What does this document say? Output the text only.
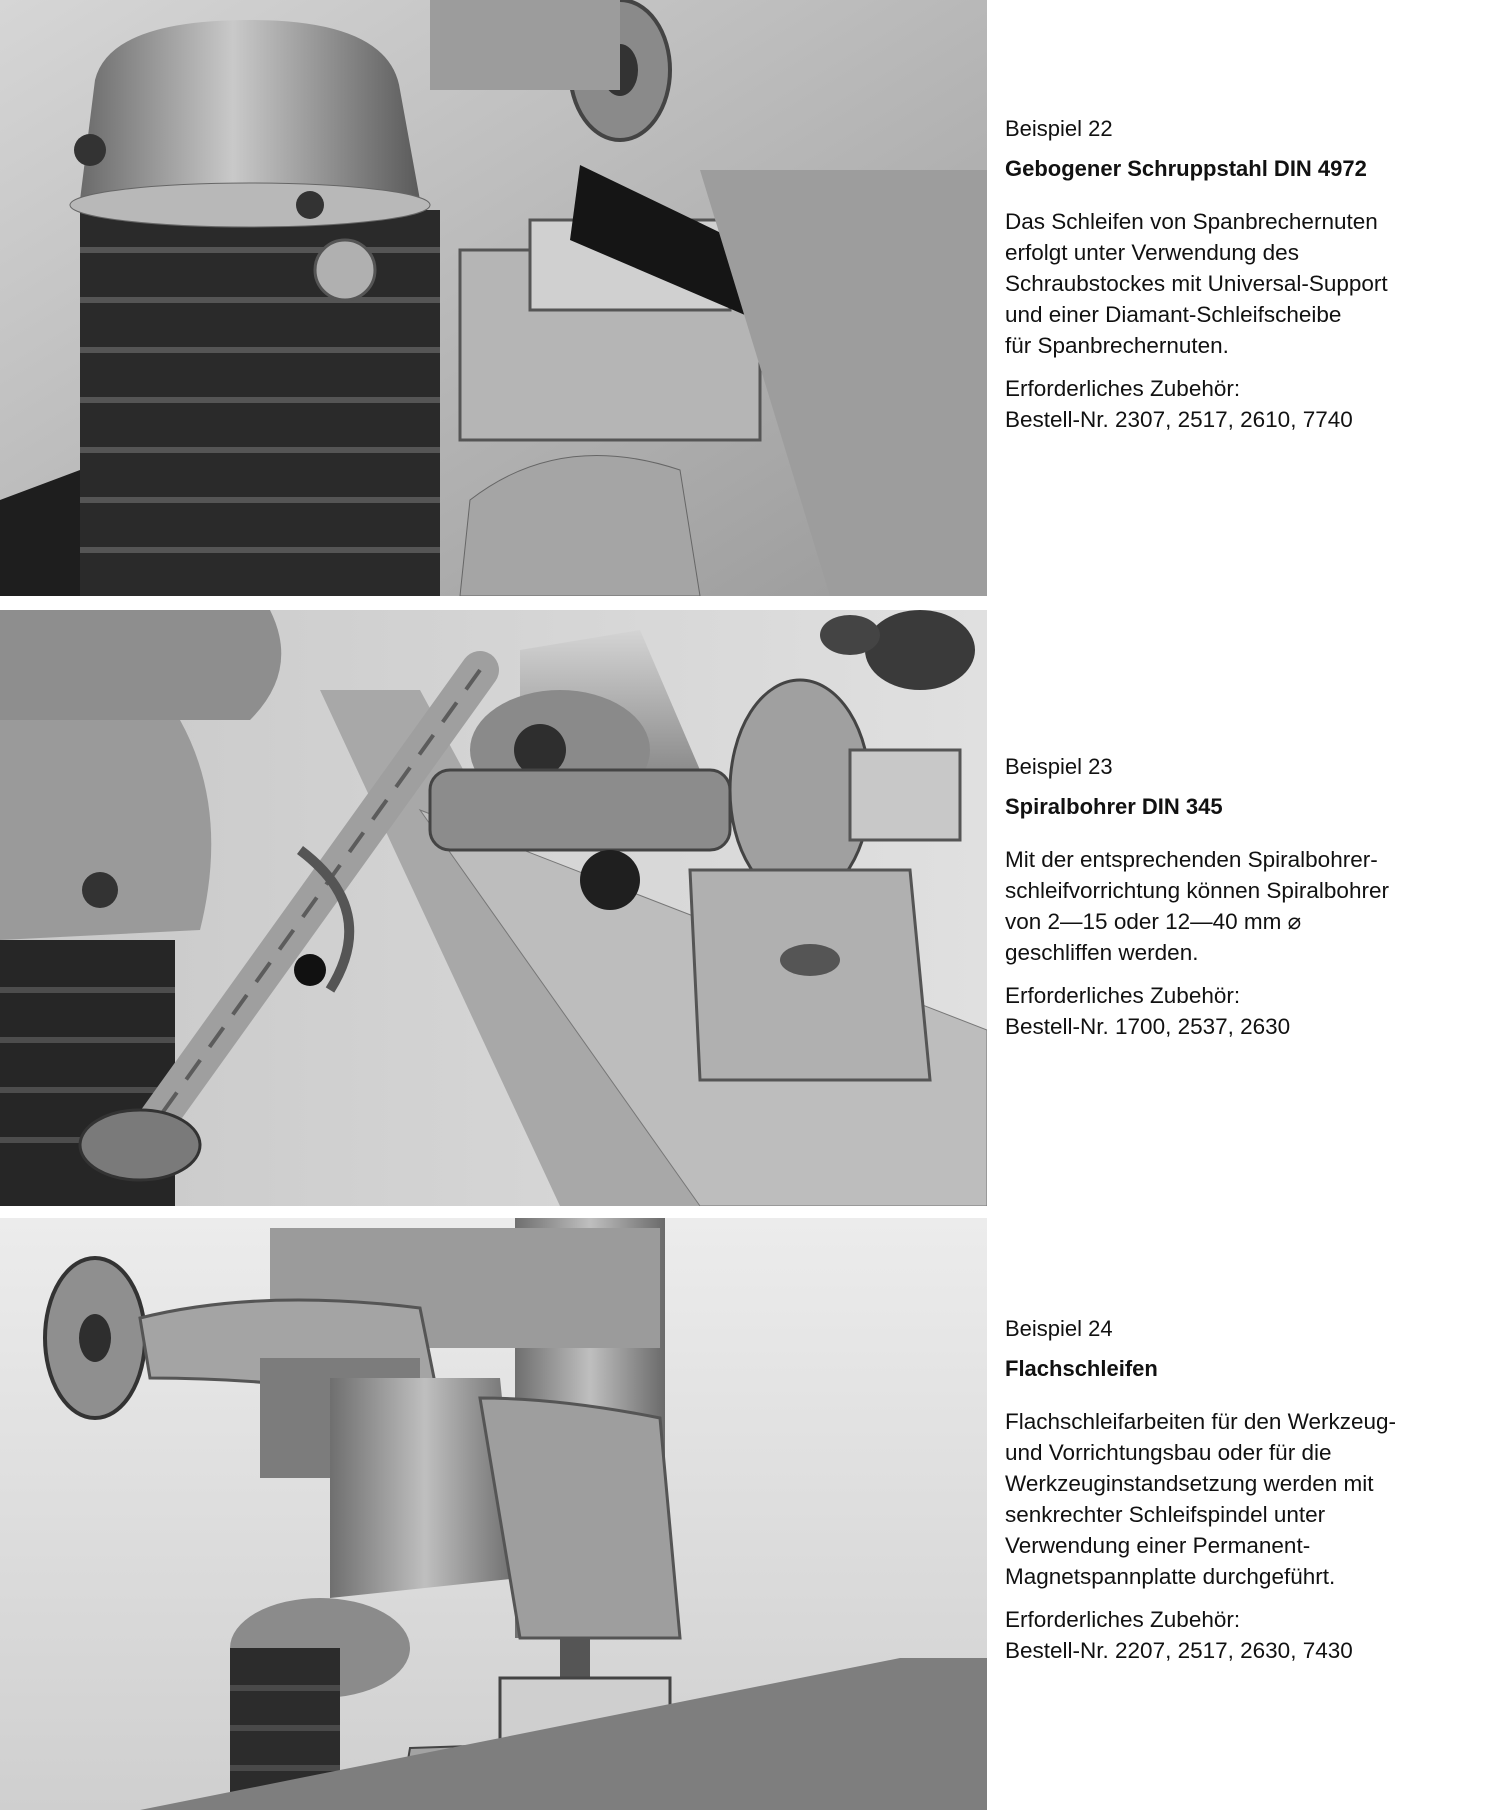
Beispiel 22

Gebogener Schruppstahl DIN 4972

Das Schleifen von Spanbrechernuten
erfolgt unter Verwendung des
Schraubstockes mit Universal-Support
und einer Diamant-Schleifscheibe
für Spanbrechernuten.

Erforderliches Zubehör:
Bestell-Nr. 2307, 2517, 2610, 7740

Beispiel 23

Spiralbohrer DIN 345

Mit der entsprechenden Spiralbohrer-
schleifvorrichtung können Spiralbohrer
von 2—15 oder 12—40 mm ⌀
geschliffen werden.

Erforderliches Zubehör:
Bestell-Nr. 1700, 2537, 2630

Beispiel 24

Flachschleifen

Flachschleifarbeiten für den Werkzeug-
und Vorrichtungsbau oder für die
Werkzeuginstandsetzung werden mit
senkrechter Schleifspindel unter
Verwendung einer Permanent-
Magnetspannplatte durchgeführt.

Erforderliches Zubehör:
Bestell-Nr. 2207, 2517, 2630, 7430
